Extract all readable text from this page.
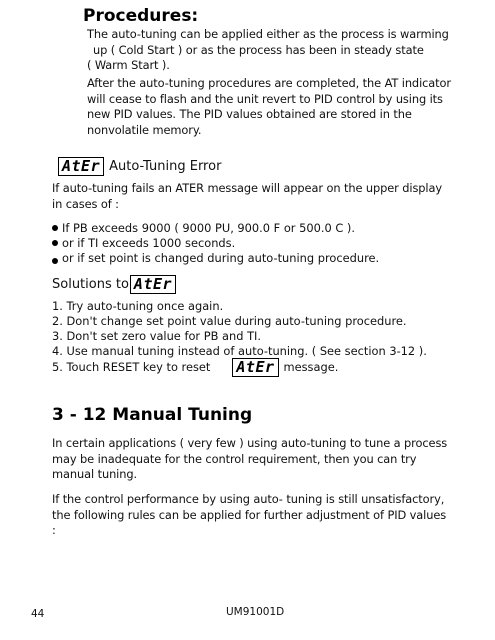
Procedures:
The auto-tuning can be applied either as the process is warming
up ( Cold Start ) or as the process has been in steady state
( Warm Start ).
After the auto-tuning procedures are completed, the AT indicator
will cease to flash and the unit revert to PID control by using its
new PID values. The PID values obtained are stored in the
nonvolatile memory.
AtEr Auto-Tuning Error
If auto-tuning fails an ATER message will appear on the upper display
in cases of :
If PB exceeds 9000 ( 9000 PU, 900.0 F or 500.0 C ).
or if TI exceeds 1000 seconds.
or if set point is changed during auto-tuning procedure.
Solutions to AtEr
1. Try auto-tuning once again.
2. Don't change set point value during auto-tuning procedure.
3. Don't set zero value for PB and TI.
4. Use manual tuning instead of auto-tuning. ( See section 3-12 ).
5. Touch RESET key to reset AtEr message.
3 - 12 Manual Tuning
In certain applications ( very few ) using auto-tuning to tune a process
may be inadequate for the control requirement, then you can try
manual tuning.
If the control performance by using auto- tuning is still unsatisfactory,
the following rules can be applied for further adjustment of PID values
:
44	UM91001D
